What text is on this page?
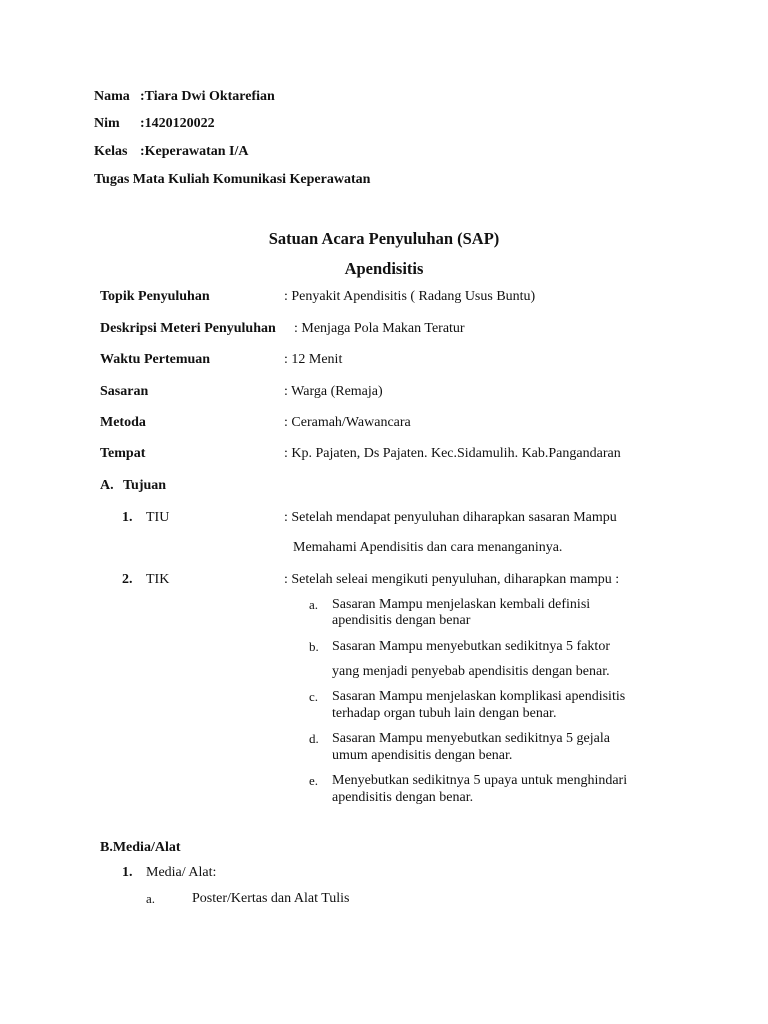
Nama :Tiara Dwi Oktarefian
Nim :1420120022
Kelas :Keperawatan I/A
Tugas Mata Kuliah Komunikasi Keperawatan
Satuan Acara Penyuluhan (SAP)
Apendisitis
Topik Penyuluhan	: Penyakit Apendisitis ( Radang Usus Buntu)
Deskripsi Meteri Penyuluhan : Menjaga Pola Makan Teratur
Waktu Pertemuan	: 12 Menit
Sasaran	: Warga (Remaja)
Metoda	: Ceramah/Wawancara
Tempat	: Kp. Pajaten, Ds Pajaten. Kec.Sidamulih. Kab.Pangandaran
A. Tujuan
1. TIU	: Setelah mendapat penyuluhan diharapkan sasaran Mampu
Memahami Apendisitis dan cara menanganinya.
2. TIK	: Setelah seleai mengikuti penyuluhan, diharapkan mampu :
a. Sasaran Mampu menjelaskan kembali definisi
apendisitis dengan benar
b. Sasaran Mampu menyebutkan sedikitnya 5 faktor
yang menjadi penyebab apendisitis dengan benar.
c. Sasaran Mampu menjelaskan komplikasi apendisitis
terhadap organ tubuh lain dengan benar.
d. Sasaran Mampu menyebutkan sedikitnya 5 gejala
umum apendisitis dengan benar.
e. Menyebutkan sedikitnya 5 upaya untuk menghindari
apendisitis dengan benar.
B.Media/Alat
1. Media/ Alat:
a.	Poster/Kertas dan Alat Tulis
